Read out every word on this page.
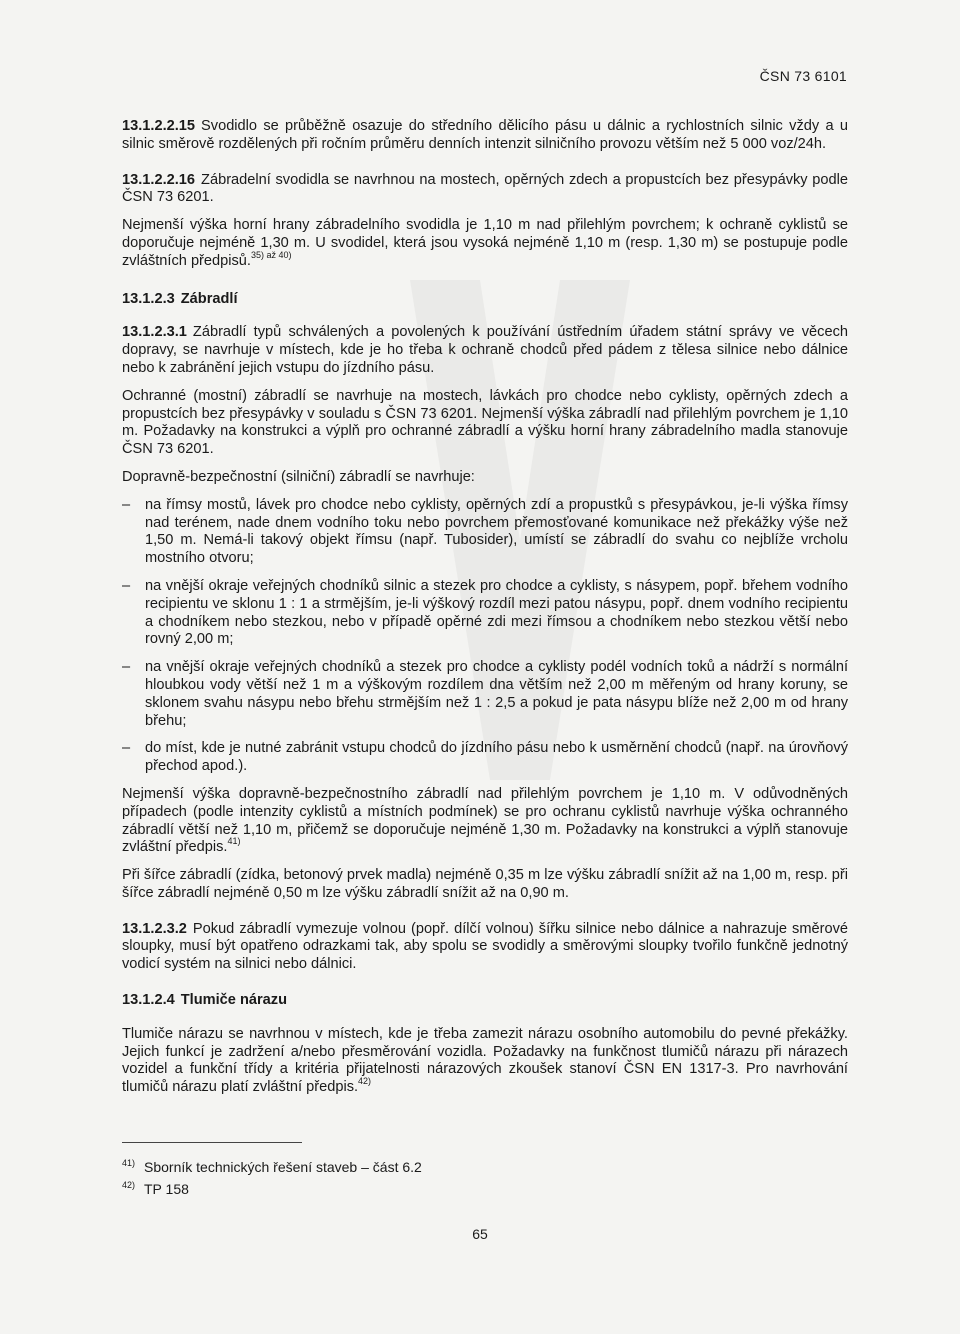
ČSN 73 6101

13.1.2.2.15 Svodidlo se průběžně osazuje do středního dělicího pásu u dálnic a rychlostních silnic vždy a u silnic směrově rozdělených při ročním průměru denních intenzit silničního provozu větším než 5 000 voz/24h.

13.1.2.2.16 Zábradelní svodidla se navrhnou na mostech, opěrných zdech a propustcích bez přesypávky podle ČSN 73 6201.

Nejmenší výška horní hrany zábradelního svodidla je 1,10 m nad přilehlým povrchem; k ochraně cyklistů se doporučuje nejméně 1,30 m. U svodidel, která jsou vysoká nejméně 1,10 m (resp. 1,30 m) se postupuje podle zvláštních předpisů.$^{35) až 40)}$

13.1.2.3 Zábradlí

13.1.2.3.1 Zábradlí typů schválených a povolených k používání ústředním úřadem státní správy ve věcech dopravy, se navrhuje v místech, kde je ho třeba k ochraně chodců před pádem z tělesa silnice nebo dálnice nebo k zabránění jejich vstupu do jízdního pásu.

Ochranné (mostní) zábradlí se navrhuje na mostech, lávkách pro chodce nebo cyklisty, opěrných zdech a propustcích bez přesypávky v souladu s ČSN 73 6201. Nejmenší výška zábradlí nad přilehlým povrchem je 1,10 m. Požadavky na konstrukci a výplň pro ochranné zábradlí a výšku horní hrany zábradelního madla stanovuje ČSN 73 6201.

Dopravně-bezpečnostní (silniční) zábradlí se navrhuje:

– na římsy mostů, lávek pro chodce nebo cyklisty, opěrných zdí a propustků s přesypávkou, je-li výška římsy nad terénem, nade dnem vodního toku nebo povrchem přemosťované komunikace než překážky výše než 1,50 m. Nemá-li takový objekt římsu (např. Tubosider), umístí se zábradlí do svahu co nejblíže vrcholu mostního otvoru;
– na vnější okraje veřejných chodníků silnic a stezek pro chodce a cyklisty, s násypem, popř. břehem vodního recipientu ve sklonu 1 : 1 a strmějším, je-li výškový rozdíl mezi patou násypu, popř. dnem vodního recipientu a chodníkem nebo stezkou, nebo v případě opěrné zdi mezi římsou a chodníkem nebo stezkou větší nebo rovný 2,00 m;
– na vnější okraje veřejných chodníků a stezek pro chodce a cyklisty podél vodních toků a nádrží s normální hloubkou vody větší než 1 m a výškovým rozdílem dna větším než 2,00 m měřeným od hrany koruny, se sklonem svahu násypu nebo břehu strmějším než 1 : 2,5 a pokud je pata násypu blíže než 2,00 m od hrany břehu;
– do míst, kde je nutné zabránit vstupu chodců do jízdního pásu nebo k usměrnění chodců (např. na úrovňový přechod apod.).

Nejmenší výška dopravně-bezpečnostního zábradlí nad přilehlým povrchem je 1,10 m. V odůvodněných případech (podle intenzity cyklistů a místních podmínek) se pro ochranu cyklistů navrhuje výška ochranného zábradlí větší než 1,10 m, přičemž se doporučuje nejméně 1,30 m. Požadavky na konstrukci a výplň stanovuje zvláštní předpis.$^{41)}$

Při šířce zábradlí (zídka, betonový prvek madla) nejméně 0,35 m lze výšku zábradlí snížit až na 1,00 m, resp. při šířce zábradlí nejméně 0,50 m lze výšku zábradlí snížit až na 0,90 m.

13.1.2.3.2 Pokud zábradlí vymezuje volnou (popř. dílčí volnou) šířku silnice nebo dálnice a nahrazuje směrové sloupky, musí být opatřeno odrazkami tak, aby spolu se svodidly a směrovými sloupky tvořilo funkčně jednotný vodicí systém na silnici nebo dálnici.

13.1.2.4 Tlumiče nárazu

Tlumiče nárazu se navrhnou v místech, kde je třeba zamezit nárazu osobního automobilu do pevné překážky. Jejich funkcí je zadržení a/nebo přesměrování vozidla. Požadavky na funkčnost tlumičů nárazu při nárazech vozidel a funkční třídy a kritéria přijatelnosti nárazových zkoušek stanoví ČSN EN 1317-3. Pro navrhování tlumičů nárazu platí zvláštní předpis.$^{42)}$

41) Sborník technických řešení staveb – část 6.2
42) TP 158
65
